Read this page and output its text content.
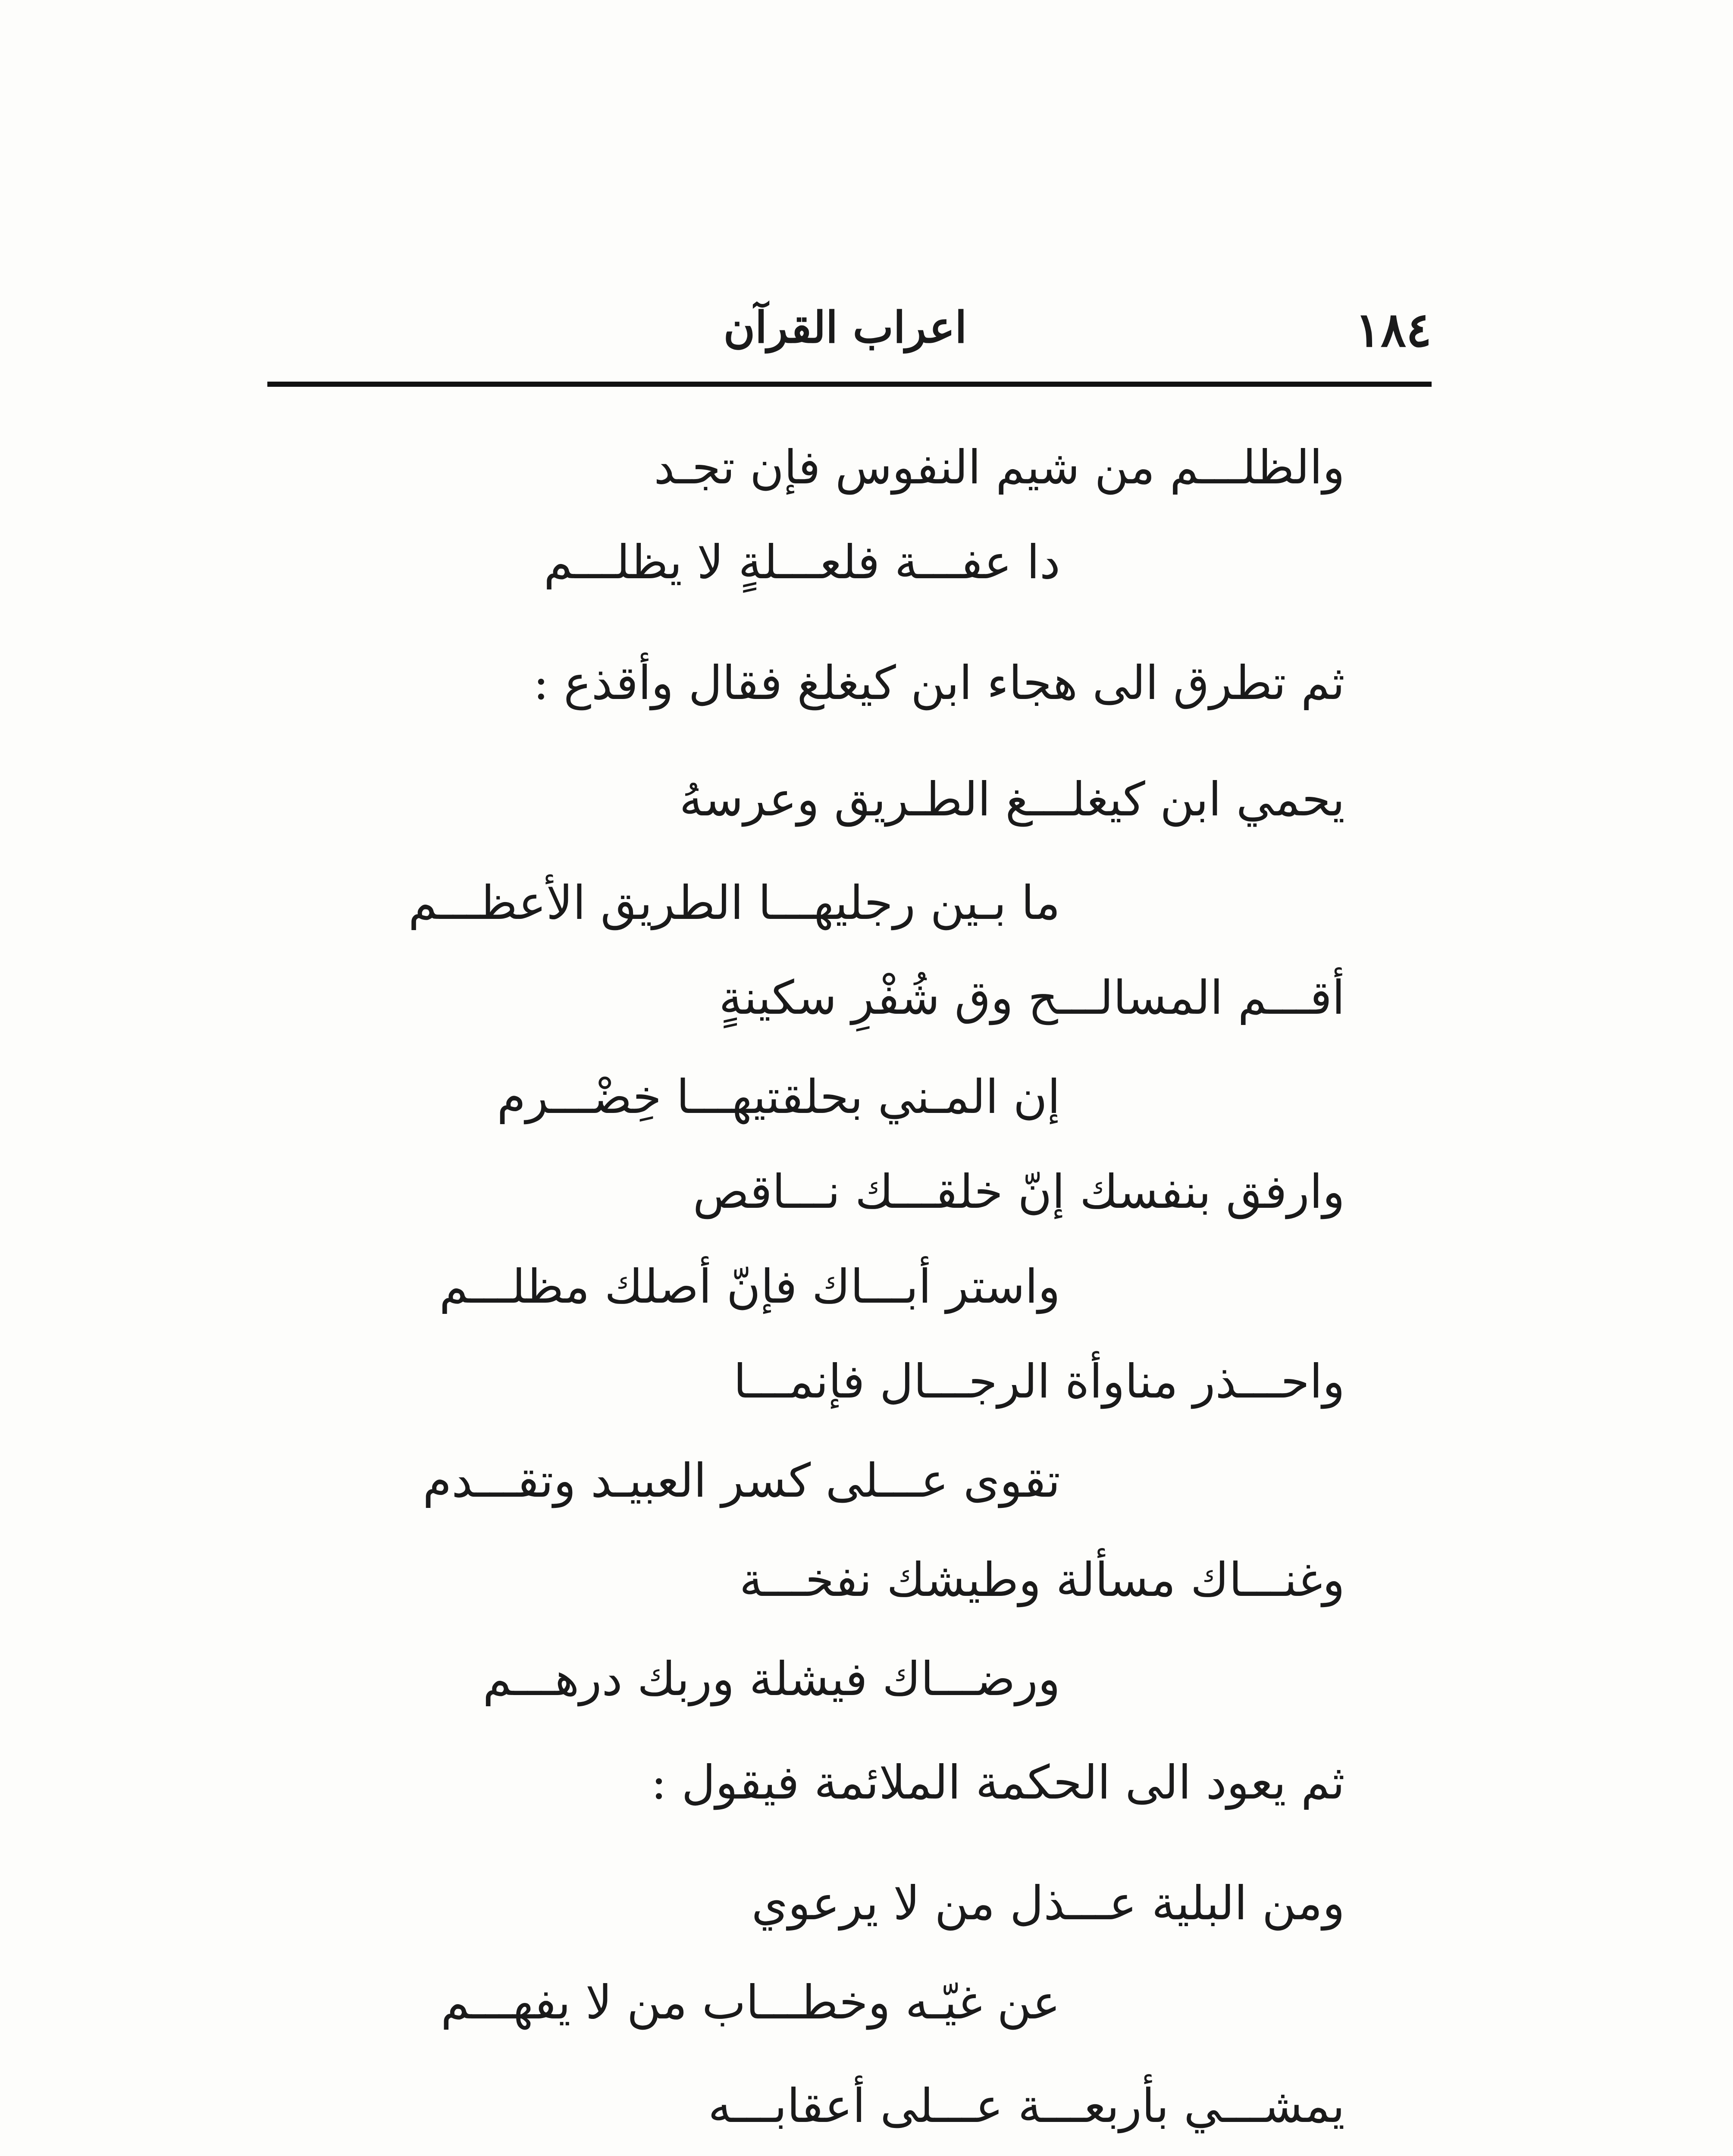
١٨٤
اعراب القرآن
والظلـــم من شيم النفوس فإن تجـد
دا عفـــة فلعـــلةٍ لا يظلـــم
ثم تطرق الى هجاء ابن كيغلغ فقال وأقذع :
يحمي ابن كيغلـــغ الطـريق وعرسهُ
ما بـين رجليهـــا الطريق الأعظـــم
أقـــم المسالـــح وق شُفْرِ سكينةٍ
إن المـني بحلقتيهـــا خِضْـــرم
وارفق بنفسك إنّ خلقـــك نـــاقص
واستر أبـــاك فإنّ أصلك مظلـــم
واحـــذر مناوأة الرجـــال فإنمـــا
تقوى عـــلى كسر العبيـد وتقـــدم
وغنـــاك مسألة وطيشك نفخـــة
ورضـــاك فيشلة وربك درهـــم
ثم يعود الى الحكمة الملائمة فيقول :
ومن البلية عـــذل من لا يرعوي
عن غيّـه وخطـــاب من لا يفهـــم
يمشـــي بأربعـــة عـــلى أعقابـــه
